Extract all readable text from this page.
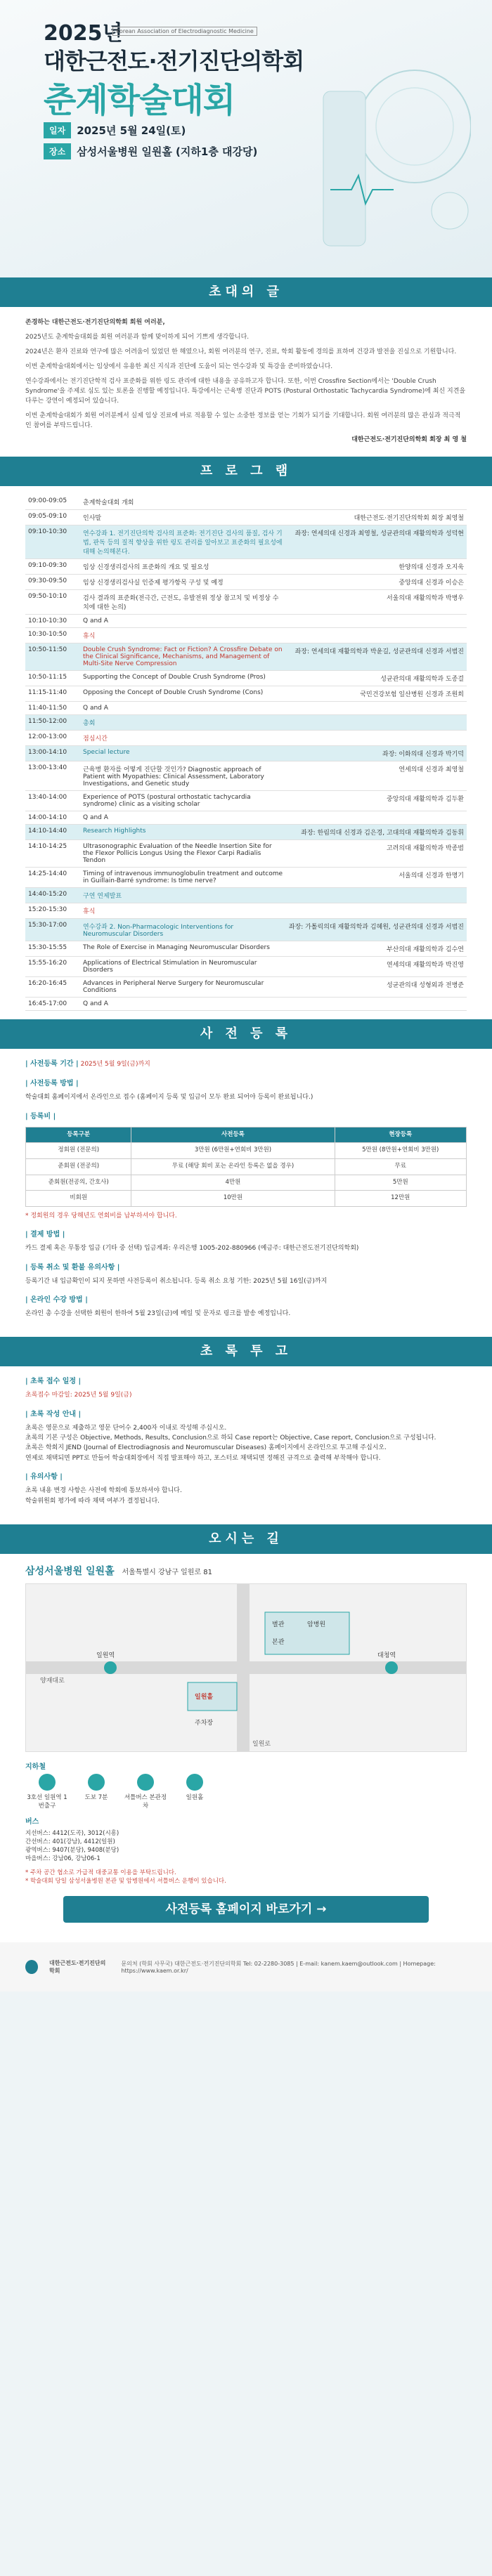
2025년
Korean Association of Electrodiagnostic Medicine
대한근전도·전기진단의학회
춘계학술대회
일자	2025년 5월 24일(토)
장소	삼성서울병원 일원홀 (지하1층 대강당)
초대의 글

존경하는 대한근전도·전기진단의학회 회원 여러분,

2025년도 춘계학술대회를 회원 여러분과 함께 맞이하게 되어 기쁘게 생각합니다.

2024년은 환자 진료와 연구에 많은 어려움이 있었던 한 해였으나, 회원 여러분의 연구, 진료, 학회 활동에 경의를 표하며 건강과 발전을 진심으로 기원합니다.

이번 춘계학술대회에서는 임상에서 유용한 최신 지식과 진단에 도움이 되는 연수강좌 및 특강을 준비하였습니다.

연수강좌에서는 전기진단학적 검사 표준화를 위한 링도 관리에 대한 내용을 공유하고자 합니다. 또한, 이번 Crossfire Section에서는 'Double Crush Syndrome'을 주제로 심도 있는 토론을 진행할 예정입니다. 특강에서는 근육병 진단과 POTS (Postural Orthostatic Tachycardia Syndrome)에 최신 지견을 다루는 강연이 예정되어 있습니다.

이번 춘계학술대회가 회원 여러분께서 실제 임상 진료에 바로 적용할 수 있는 소중한 정보를 얻는 기회가 되기를 기대합니다. 회원 여러분의 많은 관심과 적극적인 참여를 부탁드립니다.

대한근전도·전기진단의학회 회장 최 영 철
프 로 그 램
09:00-09:05	춘계학술대회 개회	
09:05-09:10	인사말	대한근전도·전기진단의학회 회장 최영철
09:10-10:30	연수강좌 1. 전기진단의학 검사의 표준화: 전기진단 검사의 품질, 검사 기법, 판독 등의 질적 향상을 위한 링도 관리를 알아보고 표준화의 필요성에 대해 논의해본다.	좌장: 연세의대 신경과 최영철, 성균관의대 재활의학과 성덕현
09:10-09:30	임상 신경생리검사의 표준화의 개요 및 필요성	한양의대 신경과 오지욱
09:30-09:50	임상 신경생리검사실 인증제 평가항목 구성 및 예정	중앙의대 신경과 이승은
09:50-10:10	검사 결과의 표준화(전극간, 근전도, 유발전위 정상 참고치 및 비정상 수치에 대한 논의)	서울의대 재활의학과 박병우
10:10-10:30	Q and A	
10:30-10:50	휴식	
10:50-11:50	Double Crush Syndrome: Fact or Fiction? A Crossfire Debate on the Clinical Significance, Mechanisms, and Management of Multi-Site Nerve Compression	좌장: 연세의대 재활의학과 박윤길, 성균관의대 신경과 서범진
10:50-11:15	Supporting the Concept of Double Crush Syndrome (Pros)	성균관의대 재활의학과 도종걸
11:15-11:40	Opposing the Concept of Double Crush Syndrome (Cons)	국민건강보험 일산병원 신경과 조원희
11:40-11:50	Q and A	
11:50-12:00	총회	
12:00-13:00	점심시간	
13:00-14:10	Special lecture	좌장: 이화의대 신경과 박기덕
13:00-13:40	근육병 환자를 어떻게 진단할 것인가? Diagnostic approach of Patient with Myopathies: Clinical Assessment, Laboratory Investigations, and Genetic study	연세의대 신경과 최영철
13:40-14:00	Experience of POTS (postural orthostatic tachycardia syndrome) clinic as a visiting scholar	중앙의대 재활의학과 김두환
14:00-14:10	Q and A	
14:10-14:40	Research Highlights	좌장: 한림의대 신경과 김은경, 고대의대 재활의학과 김동휘
14:10-14:25	Ultrasonographic Evaluation of the Needle Insertion Site for the Flexor Pollicis Longus Using the Flexor Carpi Radialis Tendon	고려의대 재활의학과 박종범
14:25-14:40	Timing of intravenous immunoglobulin treatment and outcome in Guillain-Barré syndrome: Is time nerve?	서울의대 신경과 한명기
14:40-15:20	구연 연제발표	
15:20-15:30	휴식	
15:30-17:00	연수강좌 2. Non-Pharmacologic Interventions for Neuromuscular Disorders	좌장: 가톨릭의대 재활의학과 김혜원, 성균관의대 신경과 서범진
15:30-15:55	The Role of Exercise in Managing Neuromuscular Disorders	부산의대 재활의학과 김수연
15:55-16:20	Applications of Electrical Stimulation in Neuromuscular Disorders	연세의대 재활의학과 박진영
16:20-16:45	Advances in Peripheral Nerve Surgery for Neuromuscular Conditions	성균관의대 성형외과 전병준
16:45-17:00	Q and A	
사 전 등 록
| 사전등록 기간 | 2025년 5월 9일(금)까지
| 사전등록 방법 |
학술대회 홈페이지에서 온라인으로 접수 (홈페이지 등록 및 입금이 모두 완료 되어야 등록이 완료됩니다.)
| 등록비 |
등록구분	사전등록	현장등록
정회원 (전문의)	3만원 (6만원+연회비 3만원)	5만원 (8만원+연회비 3만원)
준회원 (전공의)	무료 (해당 회비 포는 온라인 등록은 없을 경우)	무료
준회원(전공의, 간호사)	4만원	5만원
비회원	10만원	12만원
* 정회원의 경우 당해년도 연회비를 납부하셔야 합니다.
| 결제 방법 |
카드 결제 혹은 무통장 입금 (기타 중 선택) 입금계좌: 우리은행 1005-202-880966 (예금주: 대한근전도전기진단의학회)
| 등록 취소 및 환불 유의사항 |
등록기간 내 입금확인이 되지 못하면 사전등록이 취소됩니다. 등록 취소 요청 기한: 2025년 5월 16일(금)까지
| 온라인 수강 방법 |
온라인 총 수강을 선택한 회원이 한하여 5월 23일(금)에 메일 및 문자로 링크를 발송 예정입니다.
초 록 투 고
| 초록 접수 일정 |
초록접수 마감일: 2025년 5월 9일(금)
| 초록 작성 안내 |
초록은 영문으로 제출하고 영문 단어수 2,400자 이내로 작성해 주십시오.
초록의 기본 구성은 Objective, Methods, Results, Conclusion으로 하되 Case report는 Objective, Case report, Conclusion으로 구성됩니다.
초록은 학회지 JEND (Journal of Electrodiagnosis and Neuromuscular Diseases) 홈페이지에서 온라인으로 투고해 주십시오.
연제로 채택되면 PPT로 만들어 학술대회장에서 직접 발표해야 하고, 포스터로 채택되면 정해진 규격으로 출력해 부착해야 합니다.
| 유의사항 |
초록 내용 변경 사항은 사전에 학회에 통보하셔야 합니다.
학술위원회 평가에 따라 채택 여부가 결정됩니다.
오시는 길
삼성서울병원 일원홀 서울특별시 강남구 일원로 81
일원역	대청역
별관	암병원
본관
일원홀
주차장
양재대로
일원로
지하철
3호선 일원역 1번출구
도보 7분	셔틀버스 본관정차
일원홀
버스
지선버스: 4412(도곡), 3012(시흥)
간선버스: 401(강남), 4412(일원)
광역버스: 9407(분당), 9408(분당)
마을버스: 강남06, 강남06-1
* 주차 공간 협소로 가급적 대중교통 이용을 부탁드립니다.
* 학술대회 당일 삼성서울병원 본관 및 암병원에서 셔틀버스 운행이 있습니다.
사전등록 홈페이지 바로가기 →
대한근전도·전기진단의학회
문의처 (학회 사무국) 대한근전도·전기진단의학회 Tel: 02-2280-3085 | E-mail: kanem.kaem@outlook.com | Homepage: https://www.kaem.or.kr/
